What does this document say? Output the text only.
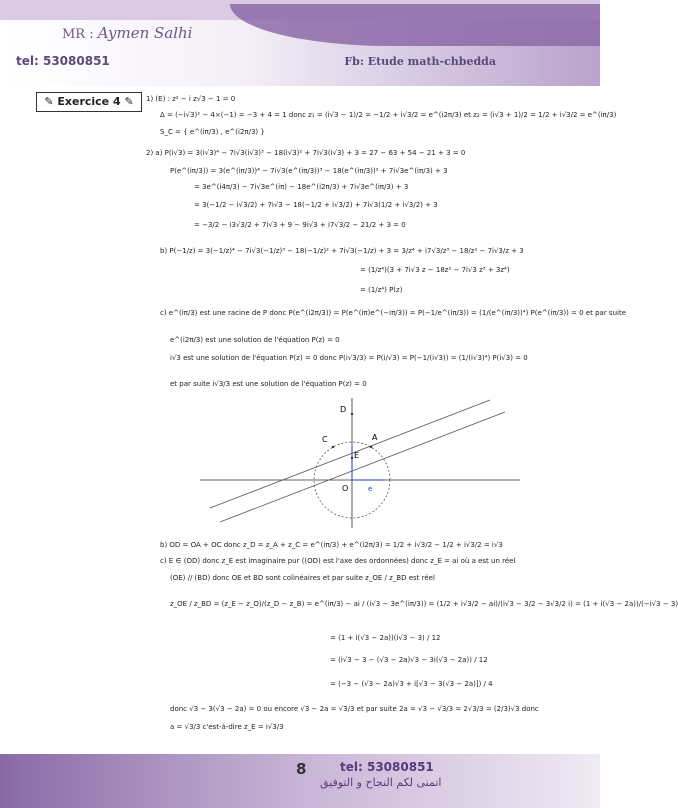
MR : Aymen Salhi
tel: 53080851	Fb: Etude math-chbedda
✎ Exercice 4 ✎	1) (E) : z² − i z√3 − 1 = 0
Δ = (−i√3)² − 4×(−1) = −3 + 4 = 1 donc z₁ = (i√3 − 1)/2 = −1/2 + i√3/2 = e^(i2π/3) et z₂ = (i√3 + 1)/2 = 1/2 + i√3/2 = e^(iπ/3)
S_C = { e^(iπ/3) , e^(i2π/3) }
2) a) P(i√3) = 3(i√3)⁴ − 7i√3(i√3)³ − 18(i√3)² + 7i√3(i√3) + 3 = 27 − 63 + 54 − 21 + 3 = 0
P(e^(iπ/3)) = 3(e^(iπ/3))⁴ − 7i√3(e^(iπ/3))³ − 18(e^(iπ/3))² + 7i√3e^(iπ/3) + 3
= 3e^(i4π/3) − 7i√3e^(iπ) − 18e^(i2π/3) + 7i√3e^(iπ/3) + 3
= 3(−1/2 − i√3/2) + 7i√3 − 18(−1/2 + i√3/2) + 7i√3(1/2 + i√3/2) + 3
= −3/2 − i3√3/2 + 7i√3 + 9 − 9i√3 + i7√3/2 − 21/2 + 3 = 0
b) P(−1/z) = 3(−1/z)⁴ − 7i√3(−1/z)³ − 18(−1/z)² + 7i√3(−1/z) + 3 = 3/z⁴ + i7√3/z³ − 18/z² − 7i√3/z + 3
= (1/z⁴)(3 + 7i√3 z − 18z² − 7i√3 z³ + 3z⁴)
= (1/z⁴) P(z)
c) e^(iπ/3) est une racine de P donc P(e^(i2π/3)) = P(e^(iπ)e^(−iπ/3)) = P(−1/e^(iπ/3)) = (1/(e^(iπ/3))⁴) P(e^(iπ/3)) = 0 et par suite
e^(i2π/3) est une solution de l'équation P(z) = 0
i√3 est une solution de l'équation P(z) = 0 donc P(i√3/3) = P(i/√3) = P(−1/(i√3)) = (1/(i√3)⁴) P(i√3) = 0
et par suite i√3/3 est une solution de l'équation P(z) = 0
D
C	A
E
O	e
b) OD = OA + OC donc z_D = z_A + z_C = e^(iπ/3) + e^(i2π/3) = 1/2 + i√3/2 − 1/2 + i√3/2 = i√3
c) E ∈ (OD) donc z_E est imaginaire pur ((OD) est l'axe des ordonnées) donc z_E = ai où a est un réel
(OE) // (BD) donc OE et BD sont colinéaires et par suite z_OE / z_BD est réel
z_OE / z_BD = (z_E − z_O)/(z_D − z_B) = e^(iπ/3) − ai / (i√3 − 3e^(iπ/3)) = (1/2 + i√3/2 − ai)/(i√3 − 3/2 − 3√3/2 i) = (1 + i(√3 − 2a))/(−i√3 − 3)
= (1 + i(√3 − 2a))(i√3 − 3) / 12
= (i√3 − 3 − (√3 − 2a)√3 − 3i(√3 − 2a)) / 12
= (−3 − (√3 − 2a)√3 + i[√3 − 3(√3 − 2a)]) / 4
donc √3 − 3(√3 − 2a) = 0 ou encore √3 − 2a = √3/3 et par suite 2a = √3 − √3/3 = 2√3/3 = (2/3)√3 donc
a = √3/3 c'est-à-dire z_E = i√3/3
8	tel: 53080851
اتمنى لكم النجاح و التوفيق
